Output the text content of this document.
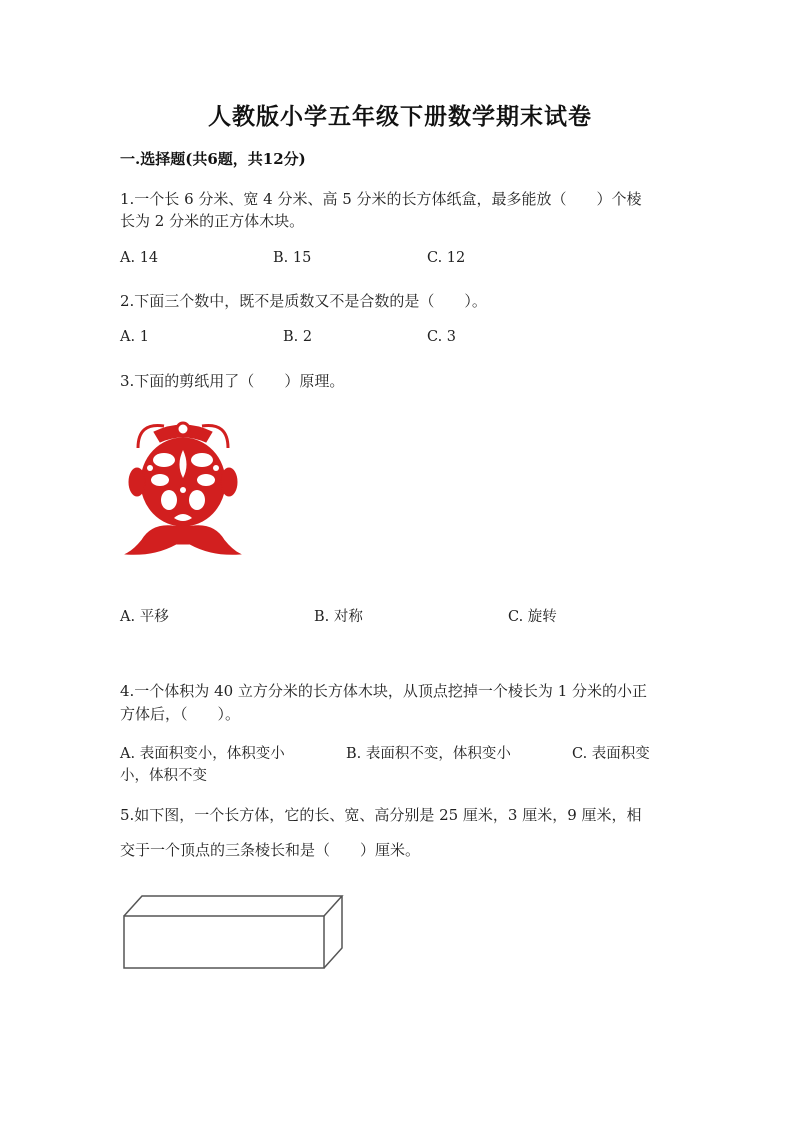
人教版小学五年级下册数学期末试卷
一.选择题(共6题，共12分)
1.一个长 6 分米、宽 4 分米、高 5 分米的长方体纸盒，最多能放（　　）个棱
长为 2 分米的正方体木块。
A. 14	B. 15	C. 12
2.下面三个数中，既不是质数又不是合数的是（　　）。
A. 1	B. 2	C. 3
3.下面的剪纸用了（　　）原理。
A. 平移	B. 对称	C. 旋转
4.一个体积为 40 立方分米的长方体木块，从顶点挖掉一个棱长为 1 分米的小正
方体后，（　　）。
A. 表面积变小，体积变小	B. 表面积不变，体积变小	C. 表面积变
小，体积不变
5.如下图，一个长方体，它的长、宽、高分别是 25 厘米，3 厘米，9 厘米，相
交于一个顶点的三条棱长和是（　　）厘米。
